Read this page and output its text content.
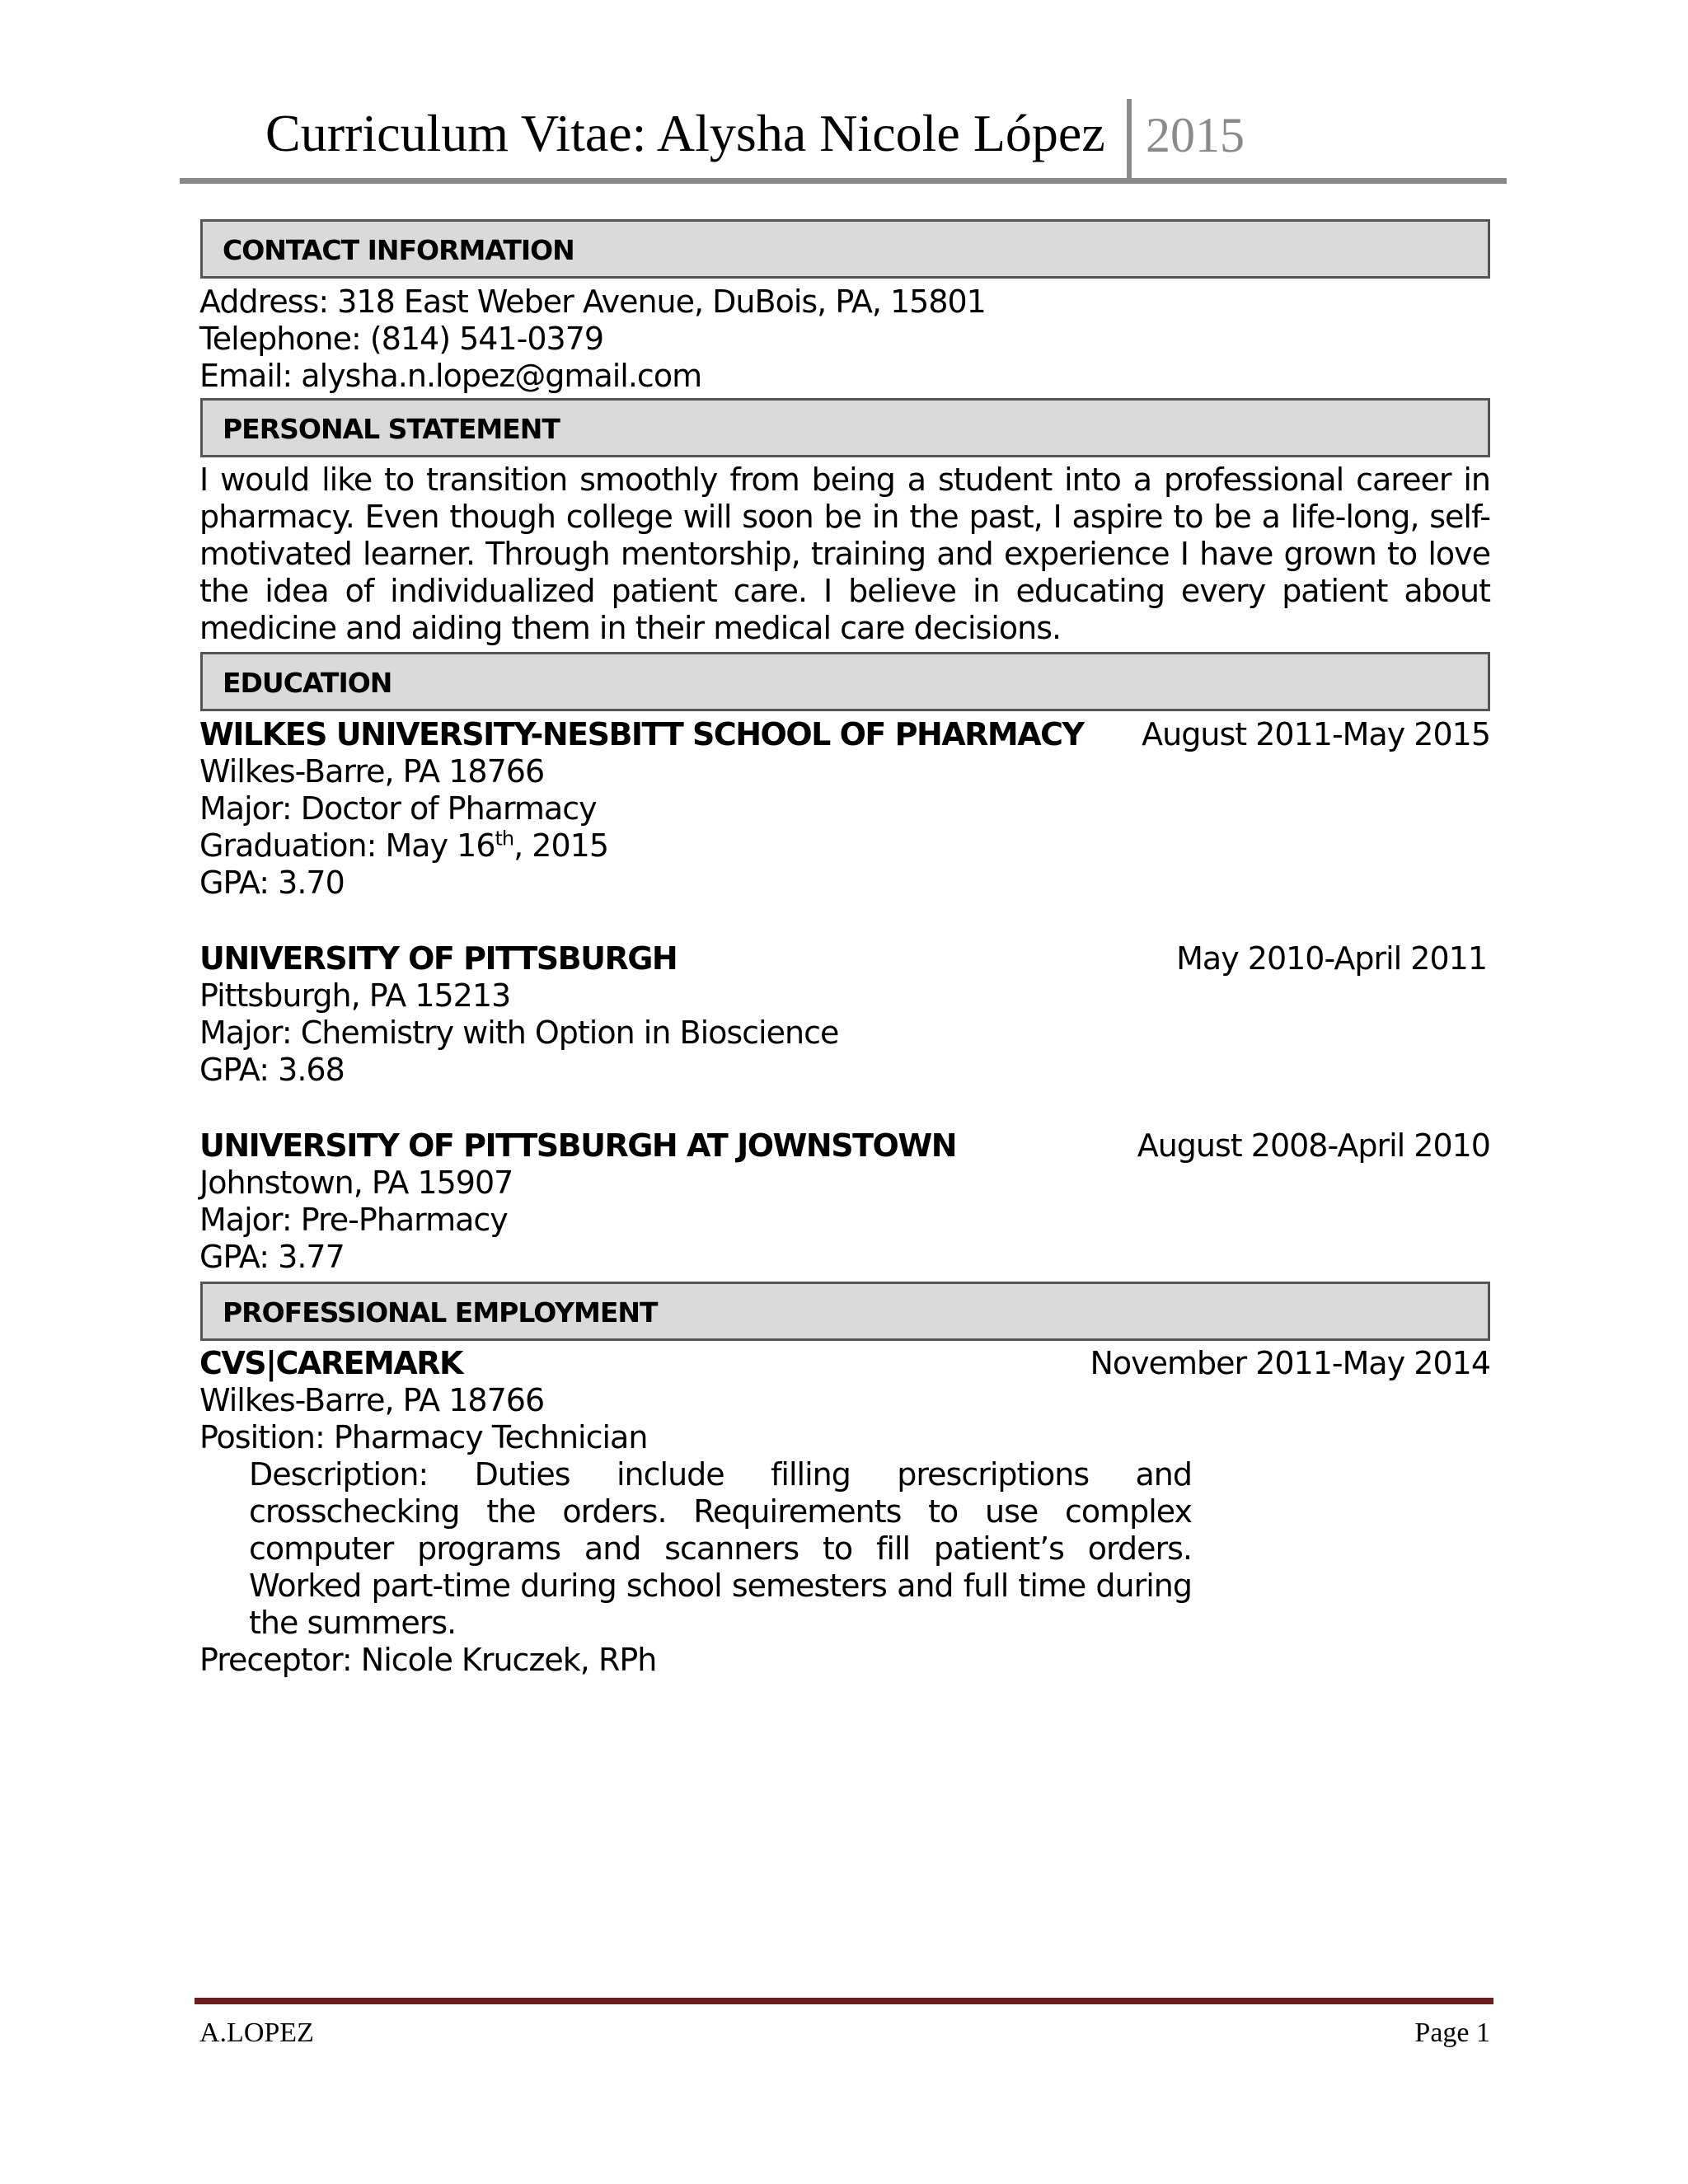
Curriculum Vitae: Alysha Nicole López 2015
CONTACT INFORMATION
Address: 318 East Weber Avenue, DuBois, PA, 15801
Telephone: (814) 541-0379
Email: alysha.n.lopez@gmail.com
PERSONAL STATEMENT
I would like to transition smoothly from being a student into a professional career in pharmacy. Even though college will soon be in the past, I aspire to be a life-long, self-motivated learner. Through mentorship, training and experience I have grown to love the idea of individualized patient care. I believe in educating every patient about medicine and aiding them in their medical care decisions.
EDUCATION
WILKES UNIVERSITY-NESBITT SCHOOL OF PHARMACY August 2011-May 2015
Wilkes-Barre, PA 18766
Major: Doctor of Pharmacy
Graduation: May 16th, 2015
GPA: 3.70
UNIVERSITY OF PITTSBURGH	May 2010-April 2011
Pittsburgh, PA 15213
Major: Chemistry with Option in Bioscience
GPA: 3.68
UNIVERSITY OF PITTSBURGH AT JOWNSTOWN	August 2008-April 2010
Johnstown, PA 15907
Major: Pre-Pharmacy
GPA: 3.77
PROFESSIONAL EMPLOYMENT
CVS|CAREMARK	November 2011-May 2014
Wilkes-Barre, PA 18766
Position: Pharmacy Technician
Description: Duties include filling prescriptions and crosschecking the orders. Requirements to use complex computer programs and scanners to fill patient’s orders. Worked part-time during school semesters and full time during the summers.
Preceptor: Nicole Kruczek, RPh
A.LOPEZ	Page 1
